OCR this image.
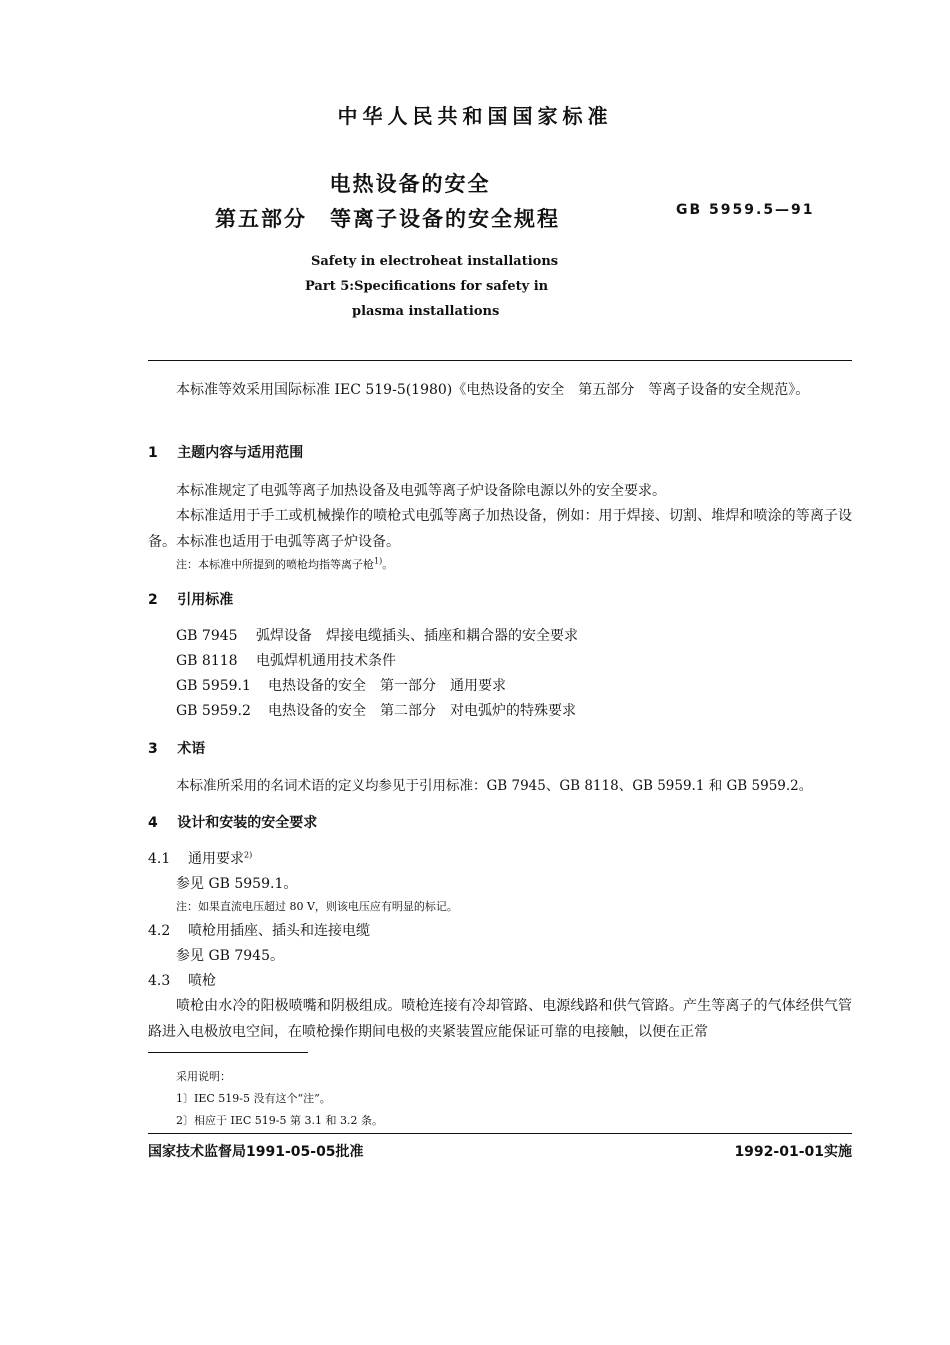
中华人民共和国国家标准
电热设备的安全
第五部分　等离子设备的安全规程	GB 5959.5—91
Safety in electroheat installations
Part 5:Specifications for safety in
plasma installations
本标准等效采用国际标准 IEC 519-5(1980)《电热设备的安全　第五部分　等离子设备的安全规范》。
1 主题内容与适用范围
本标准规定了电弧等离子加热设备及电弧等离子炉设备除电源以外的安全要求。
本标准适用于手工或机械操作的喷枪式电弧等离子加热设备，例如：用于焊接、切割、堆焊和喷涂的等离子设备。本标准也适用于电弧等离子炉设备。
注：本标准中所提到的喷枪均指等离子枪$^{1)}$。
2 引用标准
GB 7945 弧焊设备　焊接电缆插头、插座和耦合器的安全要求
GB 8118 电弧焊机通用技术条件
GB 5959.1 电热设备的安全　第一部分　通用要求
GB 5959.2 电热设备的安全　第二部分　对电弧炉的特殊要求
3 术语
本标准所采用的名词术语的定义均参见于引用标准：GB 7945、GB 8118、GB 5959.1 和 GB 5959.2。
4 设计和安装的安全要求
4.1 通用要求$^{2)}$
参见 GB 5959.1。
注：如果直流电压超过 80 V，则该电压应有明显的标记。
4.2 喷枪用插座、插头和连接电缆
参见 GB 7945。
4.3 喷枪
喷枪由水冷的阳极喷嘴和阴极组成。喷枪连接有冷却管路、电源线路和供气管路。产生等离子的气体经供气管路进入电极放电空间，在喷枪操作期间电极的夹紧装置应能保证可靠的电接触，以便在正常
采用说明：
1〕IEC 519-5 没有这个“注”。
2〕相应于 IEC 519-5 第 3.1 和 3.2 条。
国家技术监督局1991-05-05批准	1992-01-01实施
